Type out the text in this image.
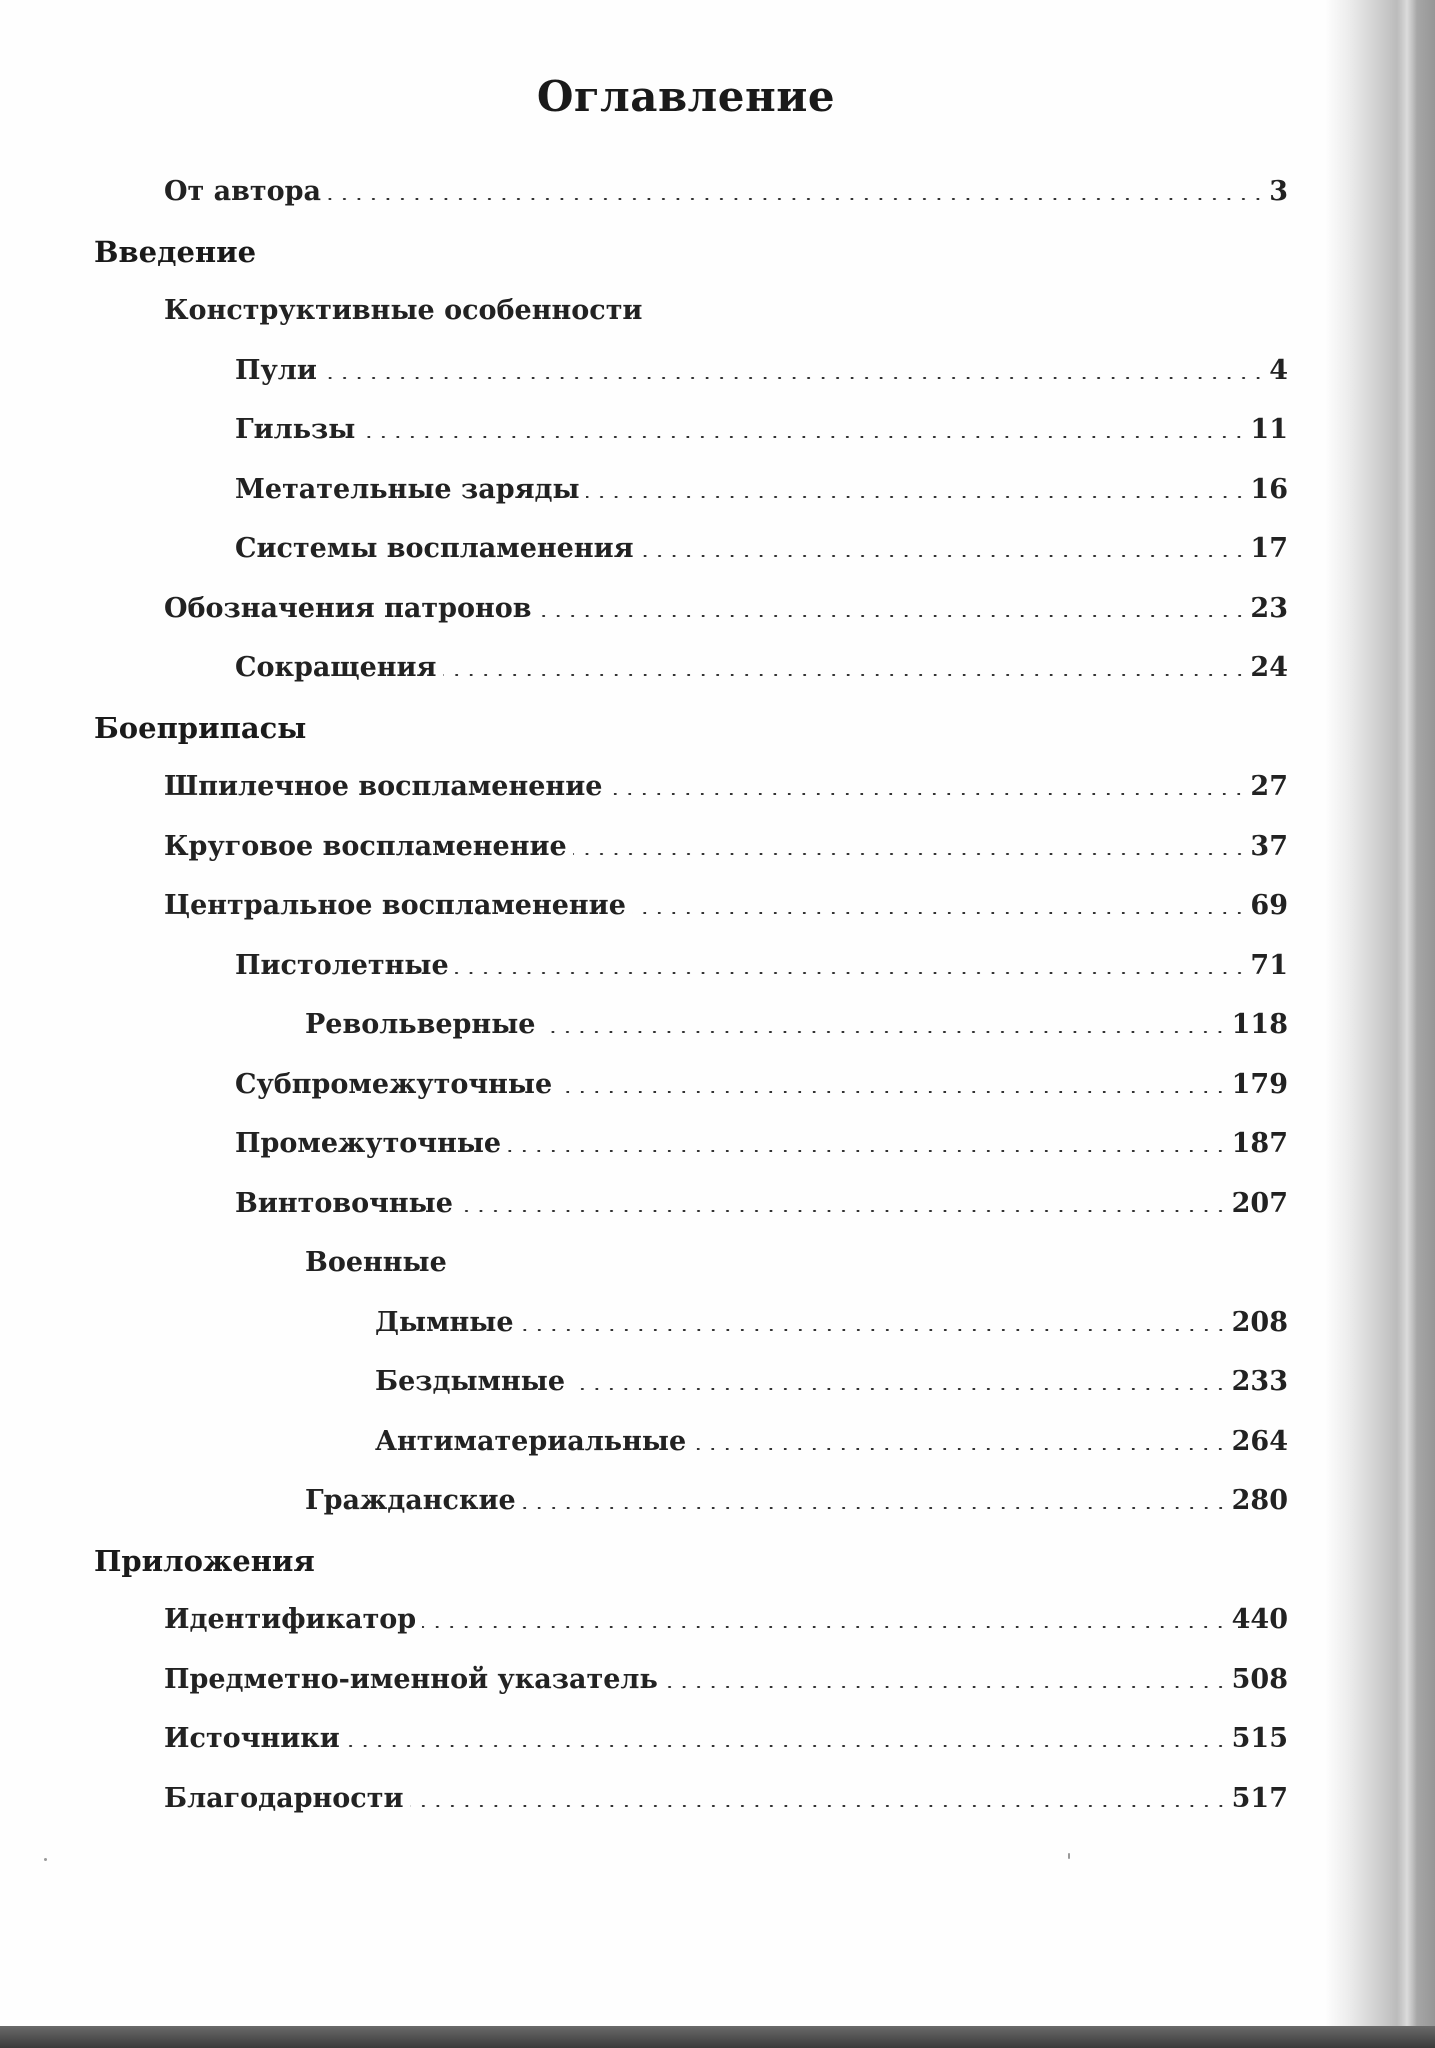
Оглавление
От автора	3
Введение
Конструктивные особенности
Пули	4
Гильзы	11
Метательные заряды	16
Системы воспламенения	17
Обозначения патронов	23
Сокращения	24
Боеприпасы
Шпилечное воспламенение	27
Круговое воспламенение	37
Центральное воспламенение	69
Пистолетные	71
Револьверные	118
Субпромежуточные	179
Промежуточные	187
Винтовочные	207
Военные
Дымные	208
Бездымные	233
Антиматериальные	264
Гражданские	280
Приложения
Идентификатор	440
Предметно-именной указатель	508
Источники	515
Благодарности	517
